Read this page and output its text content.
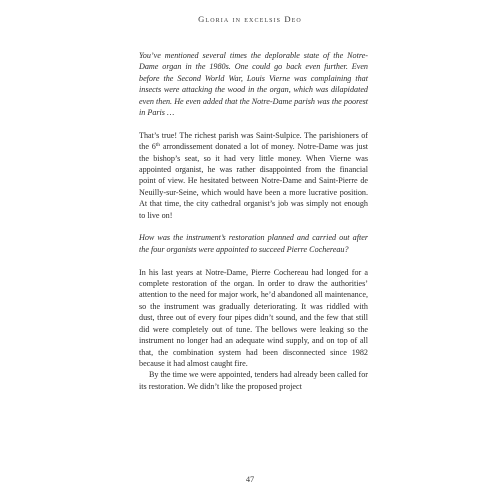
Gloria in excelsis Deo

You’ve mentioned several times the deplorable state of the Notre-Dame organ in the 1980s. One could go back even further. Even before the Second World War, Louis Vierne was complaining that insects were attacking the wood in the organ, which was dilapidated even then. He even added that the Notre-Dame parish was the poorest in Paris …

That’s true! The richest parish was Saint-Sulpice. The parishioners of the 6th arrondissement donated a lot of money. Notre-Dame was just the bishop’s seat, so it had very little money. When Vierne was appointed organist, he was rather disappointed from the financial point of view. He hesitated between Notre-Dame and Saint-Pierre de Neuilly-sur-Seine, which would have been a more lucrative position. At that time, the city cathedral organist’s job was simply not enough to live on!

How was the instrument’s restoration planned and carried out after the four organists were appointed to succeed Pierre Cochereau?

In his last years at Notre-Dame, Pierre Cochereau had longed for a complete restoration of the organ. In order to draw the authorities’ attention to the need for major work, he’d abandoned all maintenance, so the instrument was gradually deteriorating. It was riddled with dust, three out of every four pipes didn’t sound, and the few that still did were completely out of tune. The bellows were leaking so the instrument no longer had an adequate wind supply, and on top of all that, the combination system had been disconnected since 1982 because it had almost caught fire.

By the time we were appointed, tenders had already been called for its restoration. We didn’t like the proposed project

47
